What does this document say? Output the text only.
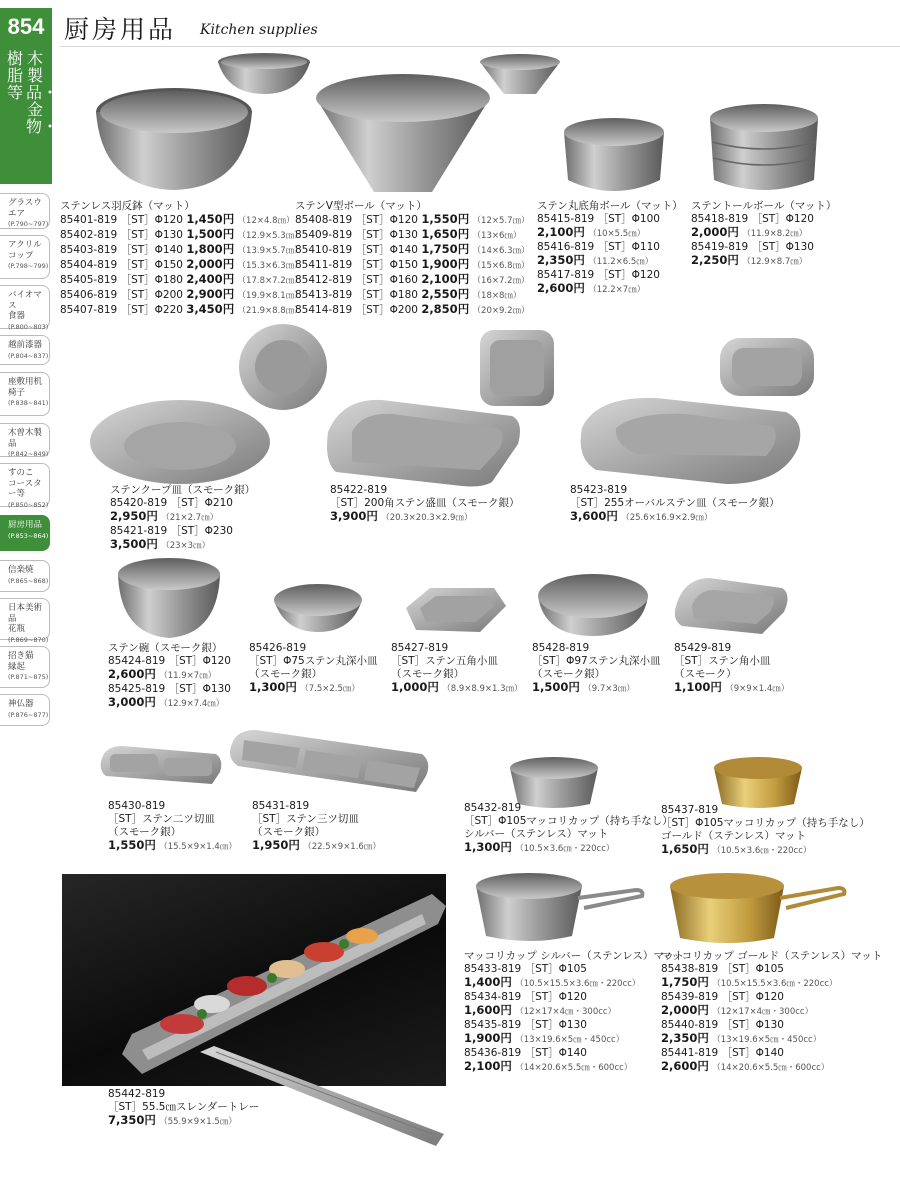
854 厨房用品 Kitchen supplies
木製品・金物・
樹脂等
グラスウエア
(P.790~797)
アクリル
コップ
(P.798~799)
バイオマス
食器
(P.800~803)
越前漆器
(P.804~837)
座敷用机
椅子
(P.838~841)
木曽木製品
(P.842~849)
すのこ
コースター等
(P.850~852)
厨房用品
(P.853~864)
信楽焼
(P.865~868)
日本美術品
花瓶
(P.869~870)
招き猫
縁起
(P.871~875)
神仏器
(P.876~877)
ステンレス羽反鉢（マット）
85401-819 ［ST］Φ120 1,450円 （12×4.8㎝）
85402-819 ［ST］Φ130 1,500円 （12.9×5.3㎝）
85403-819 ［ST］Φ140 1,800円 （13.9×5.7㎝）
85404-819 ［ST］Φ150 2,000円 （15.3×6.3㎝）
85405-819 ［ST］Φ180 2,400円 （17.8×7.2㎝）
85406-819 ［ST］Φ200 2,900円 （19.9×8.1㎝）
85407-819 ［ST］Φ220 3,450円 （21.9×8.8㎝）
ステンV型ボール（マット）
85408-819 ［ST］Φ120 1,550円 （12×5.7㎝）
85409-819 ［ST］Φ130 1,650円 （13×6㎝）
85410-819 ［ST］Φ140 1,750円 （14×6.3㎝）
85411-819 ［ST］Φ150 1,900円 （15×6.8㎝）
85412-819 ［ST］Φ160 2,100円 （16×7.2㎝）
85413-819 ［ST］Φ180 2,550円 （18×8㎝）
85414-819 ［ST］Φ200 2,850円 （20×9.2㎝）
ステン丸底角ボール（マット）
85415-819 ［ST］Φ100
2,100円 （10×5.5㎝）
85416-819 ［ST］Φ110
2,350円 （11.2×6.5㎝）
85417-819 ［ST］Φ120
2,600円 （12.2×7㎝）
ステントールボール（マット）
85418-819 ［ST］Φ120
2,000円 （11.9×8.2㎝）
85419-819 ［ST］Φ130
2,250円 （12.9×8.7㎝）
ステンクープ皿（スモーク銀）
85420-819 ［ST］Φ210
2,950円 （21×2.7㎝）
85421-819 ［ST］Φ230
3,500円 （23×3㎝）
85422-819
［ST］200角ステン盛皿（スモーク銀）
3,900円 （20.3×20.3×2.9㎝）
85423-819
［ST］255オーバルステン皿（スモーク銀）
3,600円 （25.6×16.9×2.9㎝）
ステン碗（スモーク銀）
85424-819 ［ST］Φ120
2,600円 （11.9×7㎝）
85425-819 ［ST］Φ130
3,000円 （12.9×7.4㎝）
85426-819
［ST］Φ75ステン丸深小皿
（スモーク銀）
1,300円 （7.5×2.5㎝）
85427-819
［ST］ステン五角小皿
（スモーク銀）
1,000円 （8.9×8.9×1.3㎝）
85428-819
［ST］Φ97ステン丸深小皿
（スモーク銀）
1,500円 （9.7×3㎝）
85429-819
［ST］ステン角小皿
（スモーク）
1,100円 （9×9×1.4㎝）
85430-819
［ST］ステン二ツ切皿
（スモーク銀）
1,550円 （15.5×9×1.4㎝）
85431-819
［ST］ステン三ツ切皿
（スモーク銀）
1,950円 （22.5×9×1.6㎝）
85432-819
［ST］Φ105マッコリカップ（持ち手なし）
シルバー（ステンレス）マット
1,300円 （10.5×3.6㎝・220cc）
85437-819
［ST］Φ105マッコリカップ（持ち手なし）
ゴールド（ステンレス）マット
1,650円 （10.5×3.6㎝・220cc）
マッコリカップ シルバー（ステンレス）マット
85433-819 ［ST］Φ105
1,400円 （10.5×15.5×3.6㎝・220cc）
85434-819 ［ST］Φ120
1,600円 （12×17×4㎝・300cc）
85435-819 ［ST］Φ130
1,900円 （13×19.6×5㎝・450cc）
85436-819 ［ST］Φ140
2,100円 （14×20.6×5.5㎝・600cc）
マッコリカップ ゴールド（ステンレス）マット
85438-819 ［ST］Φ105
1,750円 （10.5×15.5×3.6㎝・220cc）
85439-819 ［ST］Φ120
2,000円 （12×17×4㎝・300cc）
85440-819 ［ST］Φ130
2,350円 （13×19.6×5㎝・450cc）
85441-819 ［ST］Φ140
2,600円 （14×20.6×5.5㎝・600cc）
85442-819
［ST］55.5㎝スレンダートレー
7,350円 （55.9×9×1.5㎝）
